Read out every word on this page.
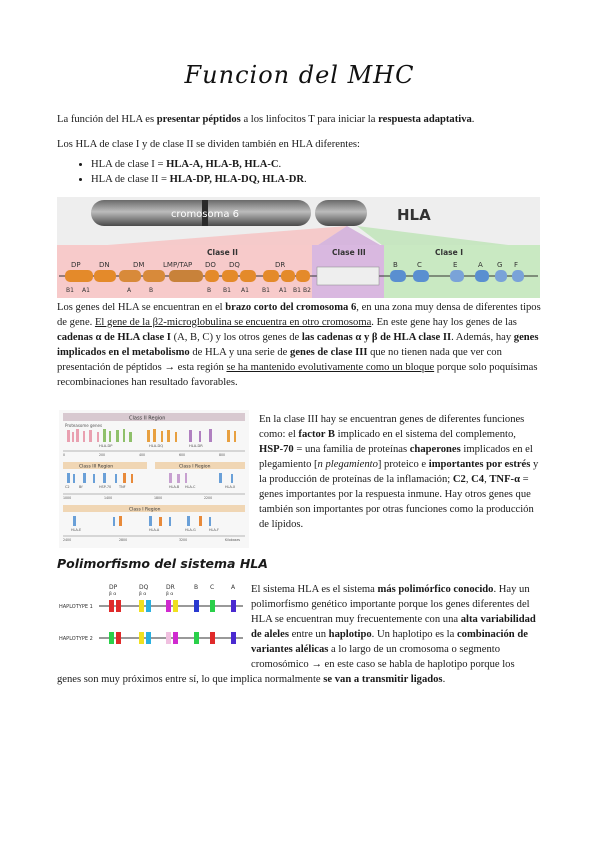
Funcion del MHC
La función del HLA es presentar péptidos a los linfocitos T para iniciar la respuesta adaptativa.
Los HLA de clase I y de clase II se dividen también en HLA diferentes:
• HLA de clase I = HLA-A, HLA-B, HLA-C.
• HLA de clase II = HLA-DP, HLA-DQ, HLA-DR.
cromosoma 6	HLA
Clase II	Clase III	Clase I
DP	DN	DM	LMP/TAP DO DQ	DR
B1 A1	A	B	B B1 A1 B1 A1 B1 B2
B	C	E	A G F
Los genes del HLA se encuentran en el brazo corto del cromosoma 6, en una zona muy densa de diferentes tipos de gene. El gene de la β2-microglobulina se encuentra en otro cromosoma. En este gene hay los genes de las cadenas α de HLA clase I (A, B, C) y los otros genes de las cadenas α y β de HLA clase II. Además, hay genes implicados en el metabolismo de HLA y una serie de genes de clase III que no tienen nada que ver con presentación de péptidos → esta región se ha mantenido evolutivamente como un bloque porque solo poquísimas recombinaciones han resultado favorables.
Class II Region
Proteasome genes
HLA-DP	HLA-DQ	HLA-DR
0	200	400	600	800
Class III Region	Class I Region
C2	Bf	HSP-70 TNF	HLA-B HLA-C	HLA-X
1000	1400	1800	2200
Class I Region
HLA-E	HLA-A	HLA-G	HLA-F
2400	2800	3200	Kilobases
En la clase III hay se encuentran genes de diferentes funciones como: el factor B implicado en el sistema del complemento, HSP-70 = una familia de proteínas chaperones implicados en el plegamiento [n plegamiento] proteico e importantes por estrés y la producción de proteínas de la inflamación; C2, C4, TNF-α = genes importantes por la respuesta inmune. Hay otros genes que también son importantes por otras funciones como la producción de lípidos.
Polimorfismo del sistema HLA
DP	DQ	DR	B C	A
β α	β α	β α
HAPLOTYPE 1
HAPLOTYPE 2
El sistema HLA es el sistema más polimórfico conocido. Hay un polimorfismo genético importante porque los genes diferentes del HLA se encuentran muy frecuentemente con una alta variabilidad de aleles entre un haplotipo. Un haplotipo es la combinación de variantes alélicas a lo largo de un cromosoma o segmento cromosómico → en este caso se habla de haplotipo porque los genes son muy próximos entre sí, lo que implica normalmente se van a transmitir ligados.
